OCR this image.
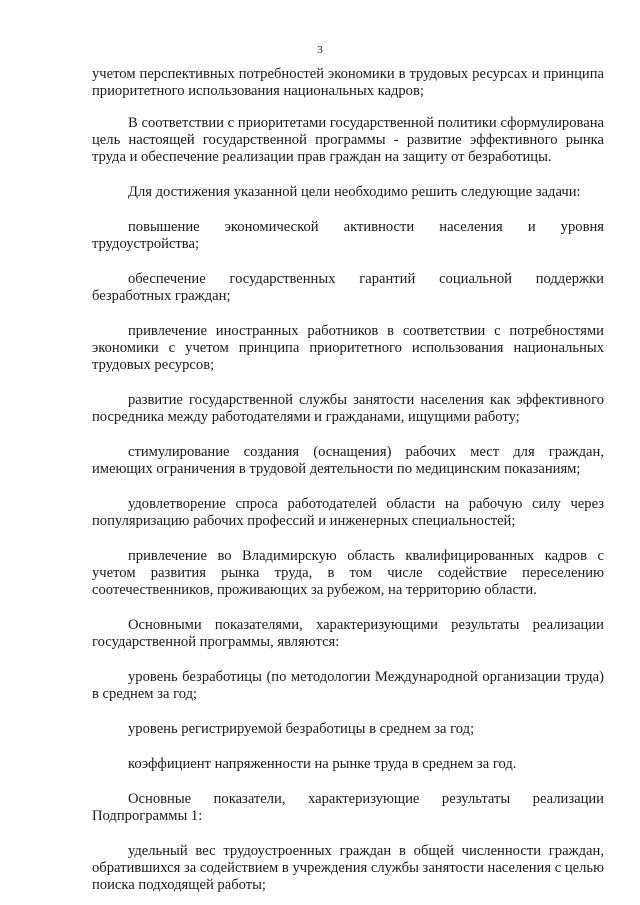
3

учетом перспективных потребностей экономики в трудовых ресурсах и принципа приоритетного использования национальных кадров;

В соответствии с приоритетами государственной политики сформулирована цель настоящей государственной программы - развитие эффективного рынка труда и обеспечение реализации прав граждан на защиту от безработицы.

Для достижения указанной цели необходимо решить следующие задачи:

повышение экономической активности населения и уровня трудоустройства;

обеспечение государственных гарантий социальной поддержки безработных граждан;

привлечение иностранных работников в соответствии с потребностями экономики с учетом принципа приоритетного использования национальных трудовых ресурсов;

развитие государственной службы занятости населения как эффективного посредника между работодателями и гражданами, ищущими работу;

стимулирование создания (оснащения) рабочих мест для граждан, имеющих ограничения в трудовой деятельности по медицинским показаниям;

удовлетворение спроса работодателей области на рабочую силу через популяризацию рабочих профессий и инженерных специальностей;

привлечение во Владимирскую область квалифицированных кадров с учетом развития рынка труда, в том числе содействие переселению соотечественников, проживающих за рубежом, на территорию области.

Основными показателями, характеризующими результаты реализации государственной программы, являются:

уровень безработицы (по методологии Международной организации труда) в среднем за год;

уровень регистрируемой безработицы в среднем за год;

коэффициент напряженности на рынке труда в среднем за год.

Основные показатели, характеризующие результаты реализации Подпрограммы 1:

удельный вес трудоустроенных граждан в общей численности граждан, обратившихся за содействием в учреждения службы занятости населения с целью поиска подходящей работы;
